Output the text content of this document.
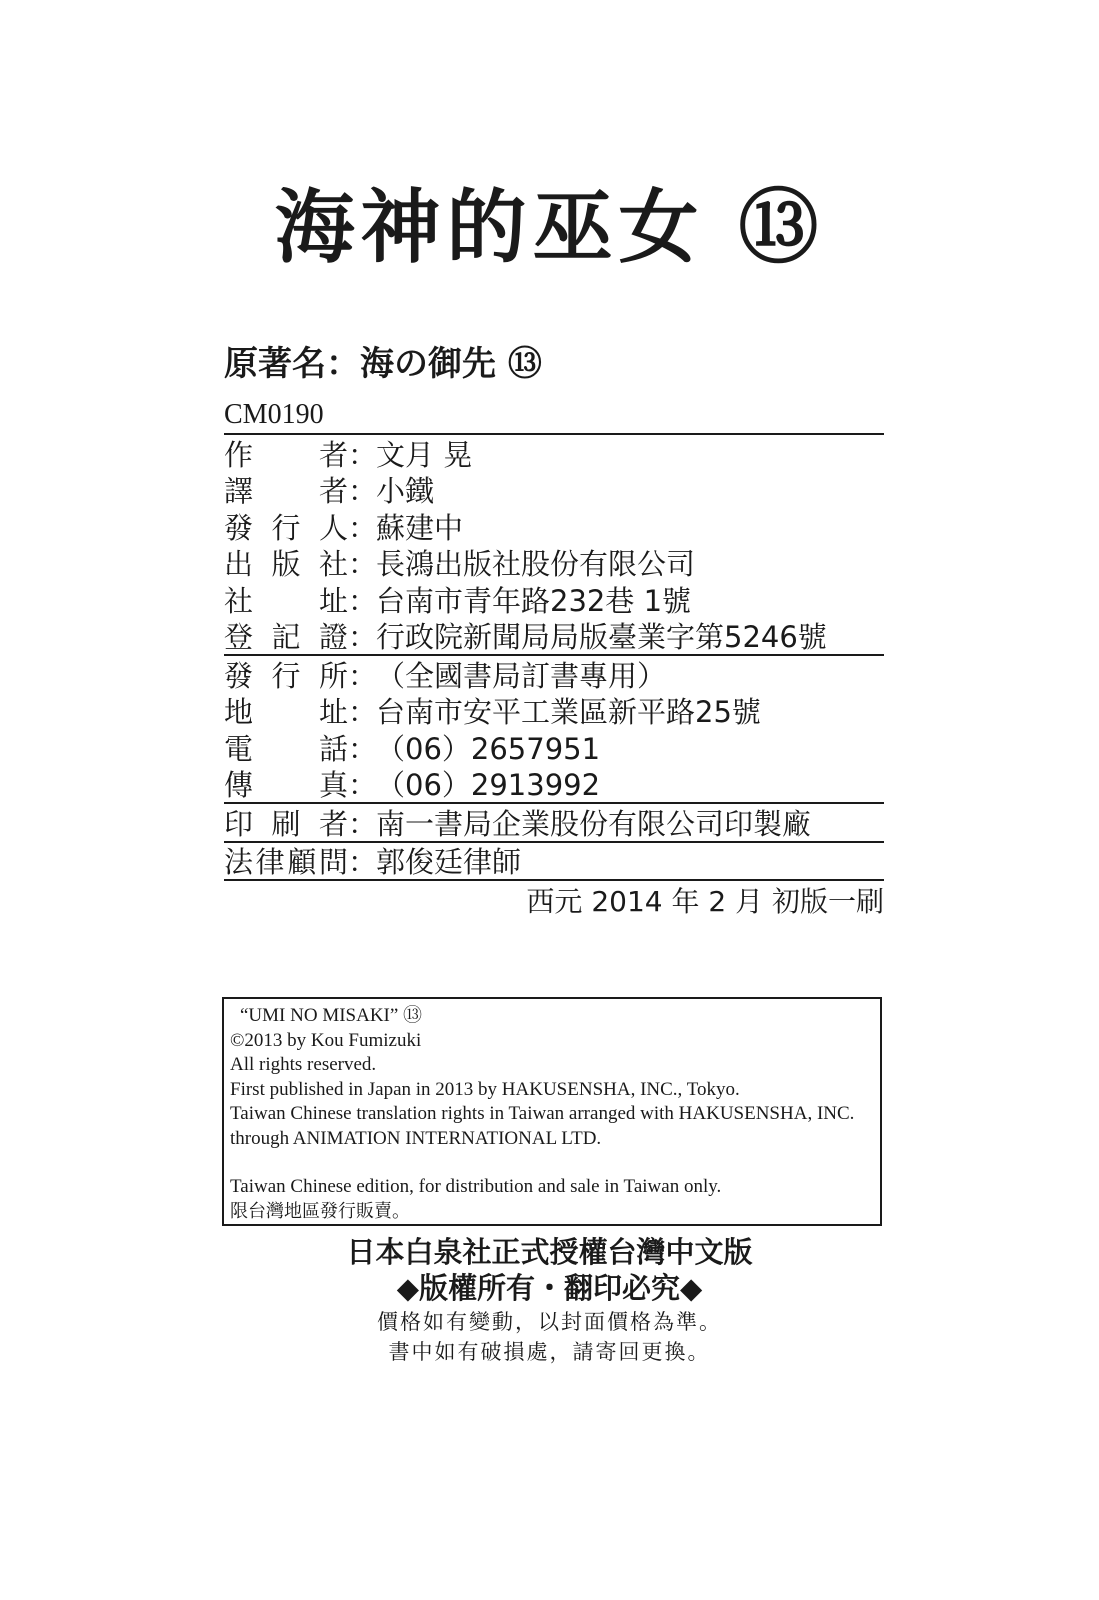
海神的巫女 ⑬
原著名：海の御先 ⑬
CM0190
作 者 ：
文月 晃
譯 者 ：
小鐵
發 行 人 ：
蘇建中
出 版 社 ：
長鴻出版社股份有限公司
社 址 ：
台南市青年路232巷 1號
登 記 證 ：
行政院新聞局局版臺業字第5246號
發 行 所 ：
（全國書局訂書專用）
地 址 ：
台南市安平工業區新平路25號
電 話 ：
（06）2657951
傳 真 ：
（06）2913992
印 刷 者 ：
南一書局企業股份有限公司印製廠
法 律 顧 問 ：
郭俊廷律師
西元 2014 年 2 月 初版一刷
“UMI NO MISAKI” ⑬
©2013 by Kou Fumizuki
All rights reserved.
First published in Japan in 2013 by HAKUSENSHA, INC., Tokyo.
Taiwan Chinese translation rights in Taiwan arranged with HAKUSENSHA, INC.
through ANIMATION INTERNATIONAL LTD.
Taiwan Chinese edition, for distribution and sale in Taiwan only.
限台灣地區發行販賣。
日本白泉社正式授權台灣中文版
◆版權所有・翻印必究◆
價格如有變動，以封面價格為準。
書中如有破損處，請寄回更換。
